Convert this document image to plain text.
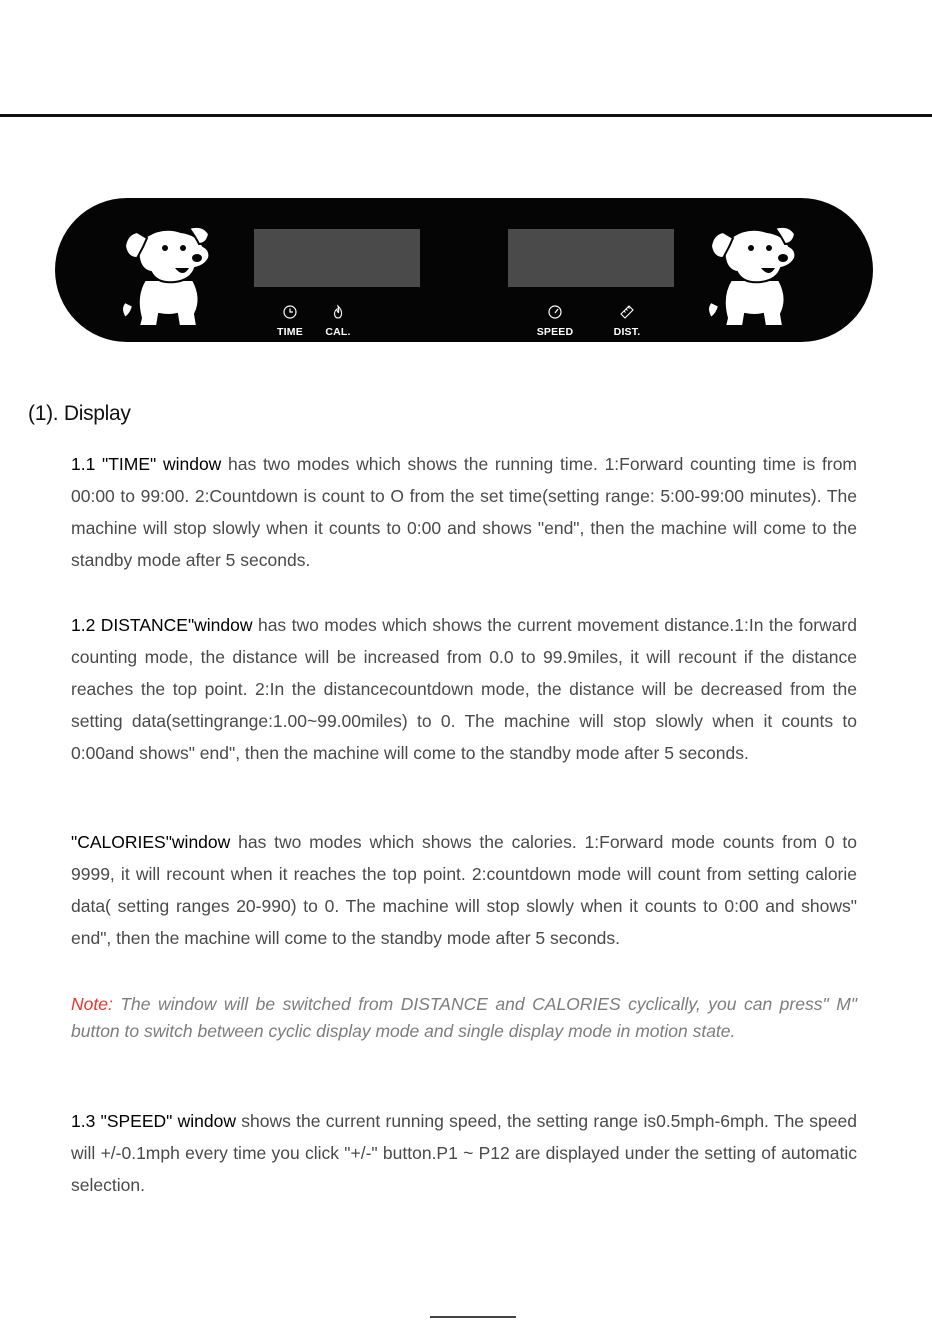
TIME	CAL.	SPEED	DIST.
(1). Display
1.1 "TIME" window has two modes which shows the running time. 1:Forward counting time is from 00:00 to 99:00. 2:Countdown is count to O from the set time(setting range: 5:00-99:00 minutes). The machine will stop slowly when it counts to 0:00 and shows "end", then the machine will come to the standby mode after 5 seconds.
1.2 DISTANCE"window has two modes which shows the current movement distance.1:In the forward counting mode, the distance will be increased from 0.0 to 99.9miles, it will recount if the distance reaches the top point. 2:In the distancecountdown mode, the distance will be decreased from the setting data(settingrange:1.00~99.00miles) to 0. The machine will stop slowly when it counts to 0:00and shows" end", then the machine will come to the standby mode after 5 seconds.
"CALORIES"window has two modes which shows the calories. 1:Forward mode counts from 0 to 9999, it will recount when it reaches the top point. 2:countdown mode will count from setting calorie data( setting ranges 20-990) to 0. The machine will stop slowly when it counts to 0:00 and shows" end", then the machine will come to the standby mode after 5 seconds.
Note: The window will be switched from DISTANCE and CALORIES cyclically, you can press" M" button to switch between cyclic display mode and single display mode in motion state.
1.3 "SPEED" window shows the current running speed, the setting range is0.5mph-6mph. The speed will +/-0.1mph every time you click "+/-" button.P1 ~ P12 are displayed under the setting of automatic selection.
